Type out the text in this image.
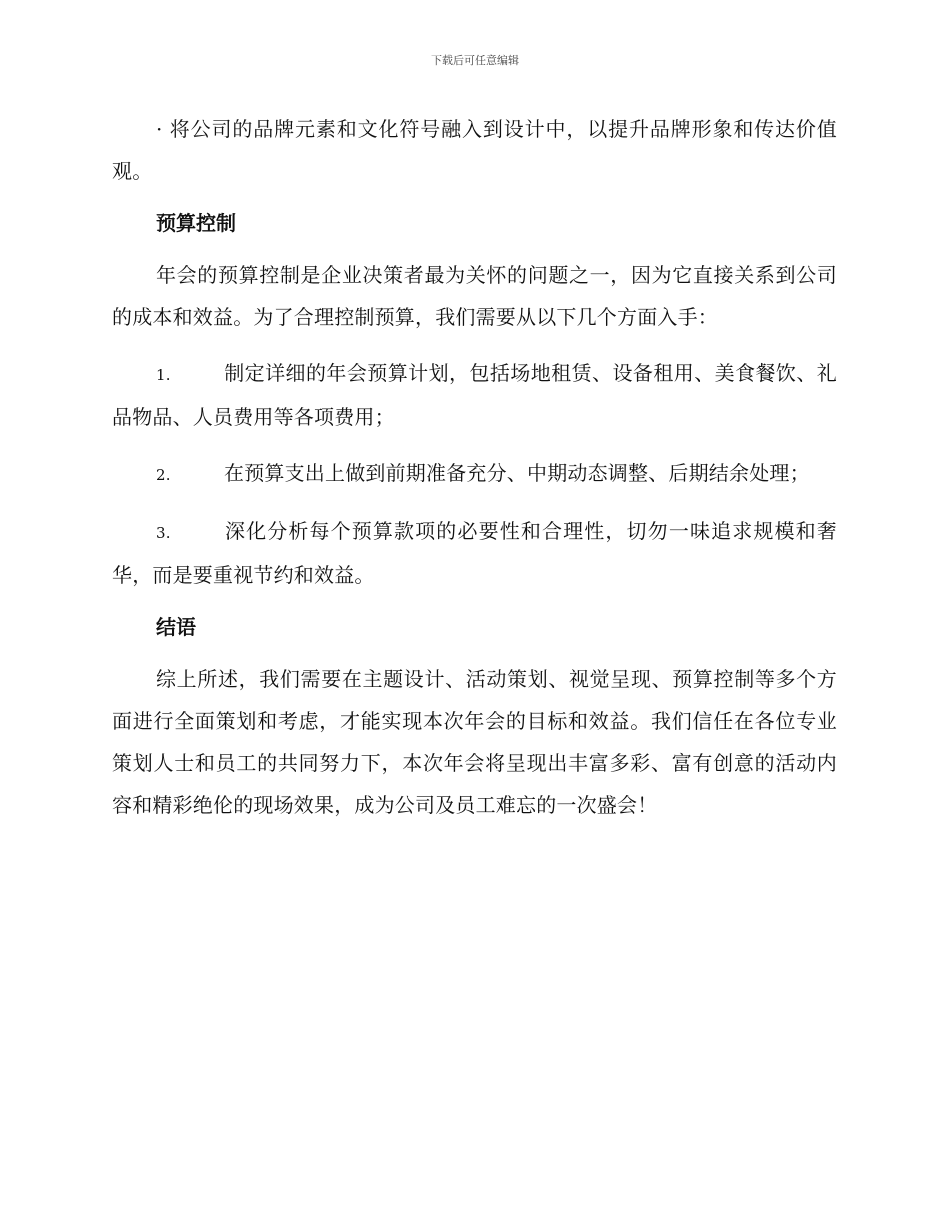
下载后可任意编辑

· 将公司的品牌元素和文化符号融入到设计中，以提升品牌形象和传达价值观。

预算控制

年会的预算控制是企业决策者最为关怀的问题之一，因为它直接关系到公司的成本和效益。为了合理控制预算，我们需要从以下几个方面入手：

1.	制定详细的年会预算计划，包括场地租赁、设备租用、美食餐饮、礼品物品、人员费用等各项费用；

2.	在预算支出上做到前期准备充分、中期动态调整、后期结余处理；

3.	深化分析每个预算款项的必要性和合理性，切勿一味追求规模和奢华，而是要重视节约和效益。

结语

综上所述，我们需要在主题设计、活动策划、视觉呈现、预算控制等多个方面进行全面策划和考虑，才能实现本次年会的目标和效益。我们信任在各位专业策划人士和员工的共同努力下，本次年会将呈现出丰富多彩、富有创意的活动内容和精彩绝伦的现场效果，成为公司及员工难忘的一次盛会！
